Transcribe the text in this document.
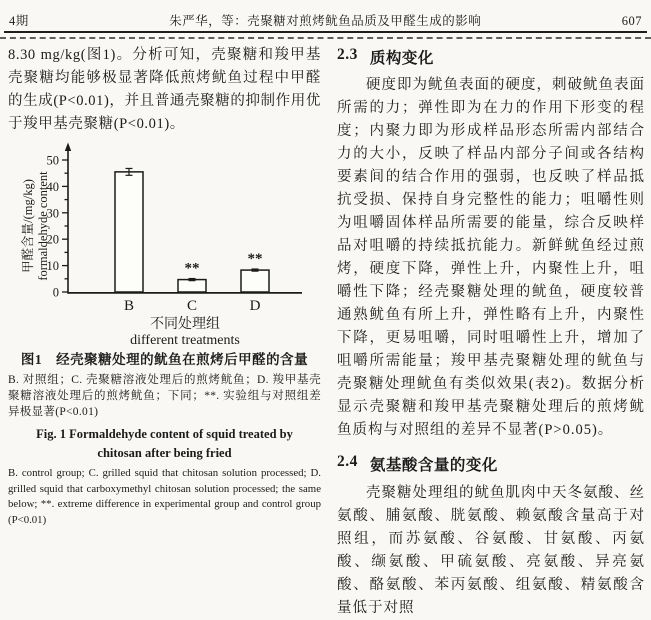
4期	朱严华，等：壳聚糖对煎烤鱿鱼品质及甲醛生成的影响	607

8.30 mg/kg(图1)。分析可知，壳聚糖和羧甲基壳聚糖均能够极显著降低煎烤鱿鱼过程中甲醛的生成(P<0.01)，并且普通壳聚糖的抑制作用优于羧甲基壳聚糖(P<0.01)。

0
10
20
30
40
50
B
**
C
**
D
不同处理组
different treatments
甲醛含量/(mg/kg) formaldehyde content
图1　经壳聚糖处理的鱿鱼在煎烤后甲醛的含量
B. 对照组；C. 壳聚糖溶液处理后的煎烤鱿鱼；D. 羧甲基壳聚糖溶液处理后的煎烤鱿鱼；下同；**. 实验组与对照组差异极显著(P<0.01)
Fig. 1 Formaldehyde content of squid treated by
chitosan after being fried
B. control group; C. grilled squid that chitosan solution processed; D. grilled squid that carboxymethyl chitosan solution processed; the same below; **. extreme difference in experimental group and control group (P<0.01)
2.3 质构变化

硬度即为鱿鱼表面的硬度，刺破鱿鱼表面所需的力；弹性即为在力的作用下形变的程度；内聚力即为形成样品形态所需内部结合力的大小，反映了样品内部分子间或各结构要素间的结合作用的强弱，也反映了样品抵抗受损、保持自身完整性的能力；咀嚼性则为咀嚼固体样品所需要的能量，综合反映样品对咀嚼的持续抵抗能力。新鲜鱿鱼经过煎烤，硬度下降，弹性上升，内聚性上升，咀嚼性下降；经壳聚糖处理的鱿鱼，硬度较普通熟鱿鱼有所上升，弹性略有上升，内聚性下降，更易咀嚼，同时咀嚼性上升，增加了咀嚼所需能量；羧甲基壳聚糖处理的鱿鱼与壳聚糖处理鱿鱼有类似效果(表2)。数据分析显示壳聚糖和羧甲基壳聚糖处理后的煎烤鱿鱼质构与对照组的差异不显著(P>0.05)。

2.4 氨基酸含量的变化

壳聚糖处理组的鱿鱼肌肉中天冬氨酸、丝氨酸、脯氨酸、胱氨酸、赖氨酸含量高于对照组，而苏氨酸、谷氨酸、甘氨酸、丙氨酸、缬氨酸、甲硫氨酸、亮氨酸、异亮氨酸、酪氨酸、苯丙氨酸、组氨酸、精氨酸含量低于对照
